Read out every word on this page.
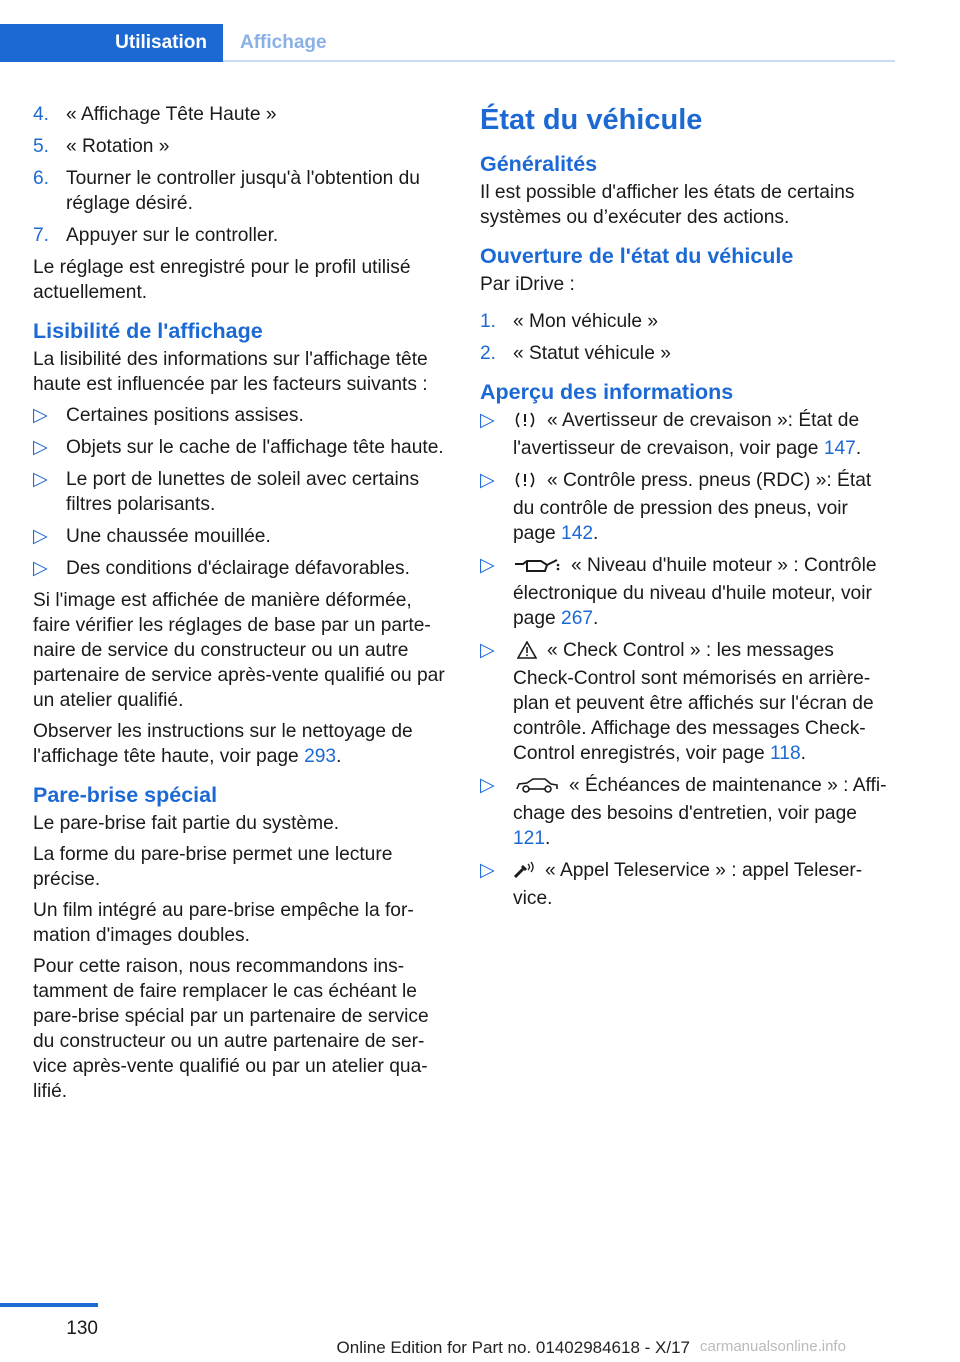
Utilisation	Affichage
4. « Affichage Tête Haute »
5. « Rotation »
6. Tourner le controller jusqu'à l'obtention du réglage désiré.
7. Appuyer sur le controller.

Le réglage est enregistré pour le profil utilisé actuellement.

Lisibilité de l'affichage

La lisibilité des informations sur l'affichage tête haute est influencée par les facteurs suivants :

▷ Certaines positions assises.
▷ Objets sur le cache de l'affichage tête haute.
▷ Le port de lunettes de soleil avec certains filtres polarisants.
▷ Une chaussée mouillée.
▷ Des conditions d'éclairage défavorables.

Si l'image est affichée de manière déformée, faire vérifier les réglages de base par un parte-naire de service du constructeur ou un autre partenaire de service après-vente qualifié ou par un atelier qualifié.

Observer les instructions sur le nettoyage de l'affichage tête haute, voir page 293.

Pare-brise spécial

Le pare-brise fait partie du système.

La forme du pare-brise permet une lecture précise.

Un film intégré au pare-brise empêche la for-mation d'images doubles.

Pour cette raison, nous recommandons ins-tamment de faire remplacer le cas échéant le pare-brise spécial par un partenaire de service du constructeur ou un autre partenaire de ser-vice après-vente qualifié ou par un atelier qua-lifié.

État du véhicule
Généralités

Il est possible d'afficher les états de certains systèmes ou d’exécuter des actions.

Ouverture de l'état du véhicule

Par iDrive :

1. « Mon véhicule »
2. « Statut véhicule »
Aperçu des informations
▷	« Avertisseur de crevaison »: État de l'avertisseur de crevaison, voir page 147.
▷	« Contrôle press. pneus (RDC) »: État du contrôle de pression des pneus, voir page 142.
▷	« Niveau d'huile moteur » : Contrôle électronique du niveau d'huile moteur, voir page 267.
▷	« Check Control » : les messages Check-Control sont mémorisés en arrière-plan et peuvent être affichés sur l'écran de contrôle. Affichage des messages Check-Control enregistrés, voir page 118.
▷	« Échéances de maintenance » : Affi-chage des besoins d'entretien, voir page 121.
▷	« Appel Teleservice » : appel Teleser-vice.
130
carmanualsonline.info
Online Edition for Part no. 01402984618 - X/17
